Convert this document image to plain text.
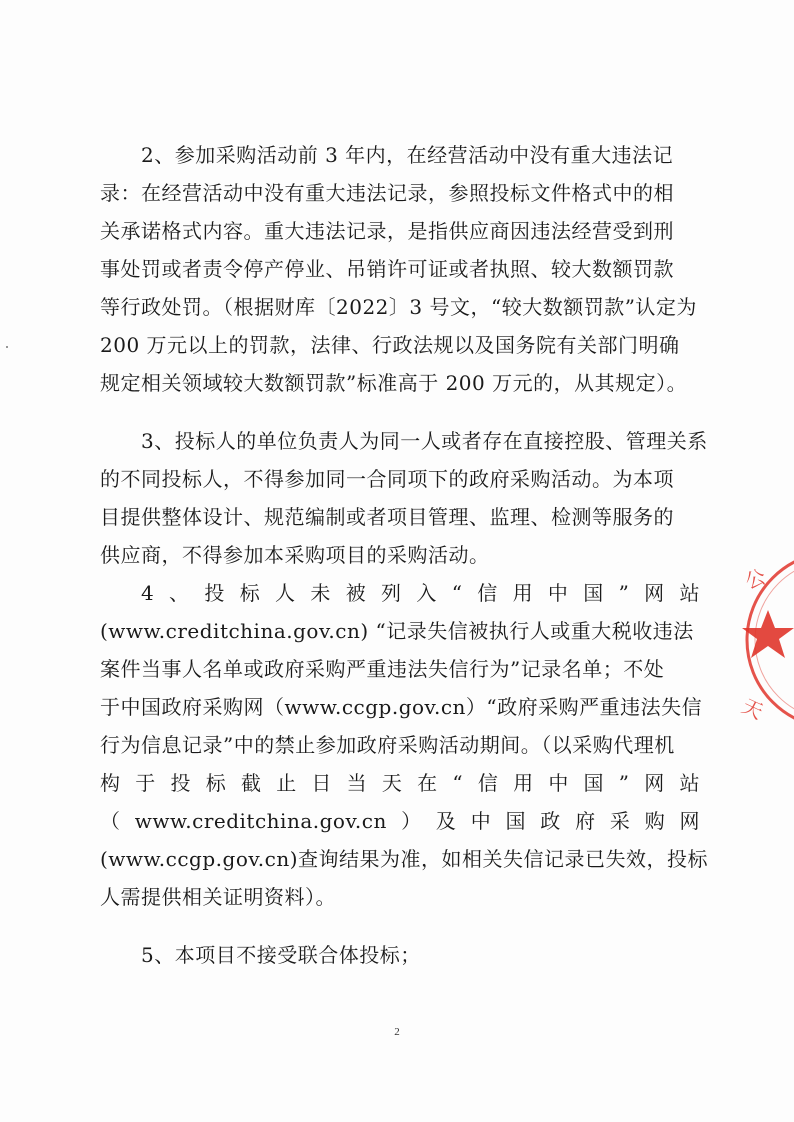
2、参加采购活动前 3 年内，在经营活动中没有重大违法记
录：在经营活动中没有重大违法记录，参照投标文件格式中的相
关承诺格式内容。重大违法记录，是指供应商因违法经营受到刑
事处罚或者责令停产停业、吊销许可证或者执照、较大数额罚款
等行政处罚。（根据财库〔2022〕3 号文，“较大数额罚款”认定为
200 万元以上的罚款，法律、行政法规以及国务院有关部门明确
规定相关领域较大数额罚款”标准高于 200 万元的，从其规定）。
3、投标人的单位负责人为同一人或者存在直接控股、管理关系
的不同投标人，不得参加同一合同项下的政府采购活动。为本项
目提供整体设计、规范编制或者项目管理、监理、检测等服务的
供应商，不得参加本采购项目的采购活动。
4、投标人未被列入“信用中国”网站
(www.creditchina.gov.cn) “记录失信被执行人或重大税收违法
案件当事人名单或政府采购严重违法失信行为”记录名单；不处
于中国政府采购网（www.ccgp.gov.cn）“政府采购严重违法失信
行为信息记录”中的禁止参加政府采购活动期间。（以采购代理机
构于投标截止日当天在“信用中国”网站
（www.creditchina.gov.cn）及中国政府采购网
(www.ccgp.gov.cn)查询结果为准，如相关失信记录已失效，投标
人需提供相关证明资料）。
5、本项目不接受联合体投标；
2
公
天
